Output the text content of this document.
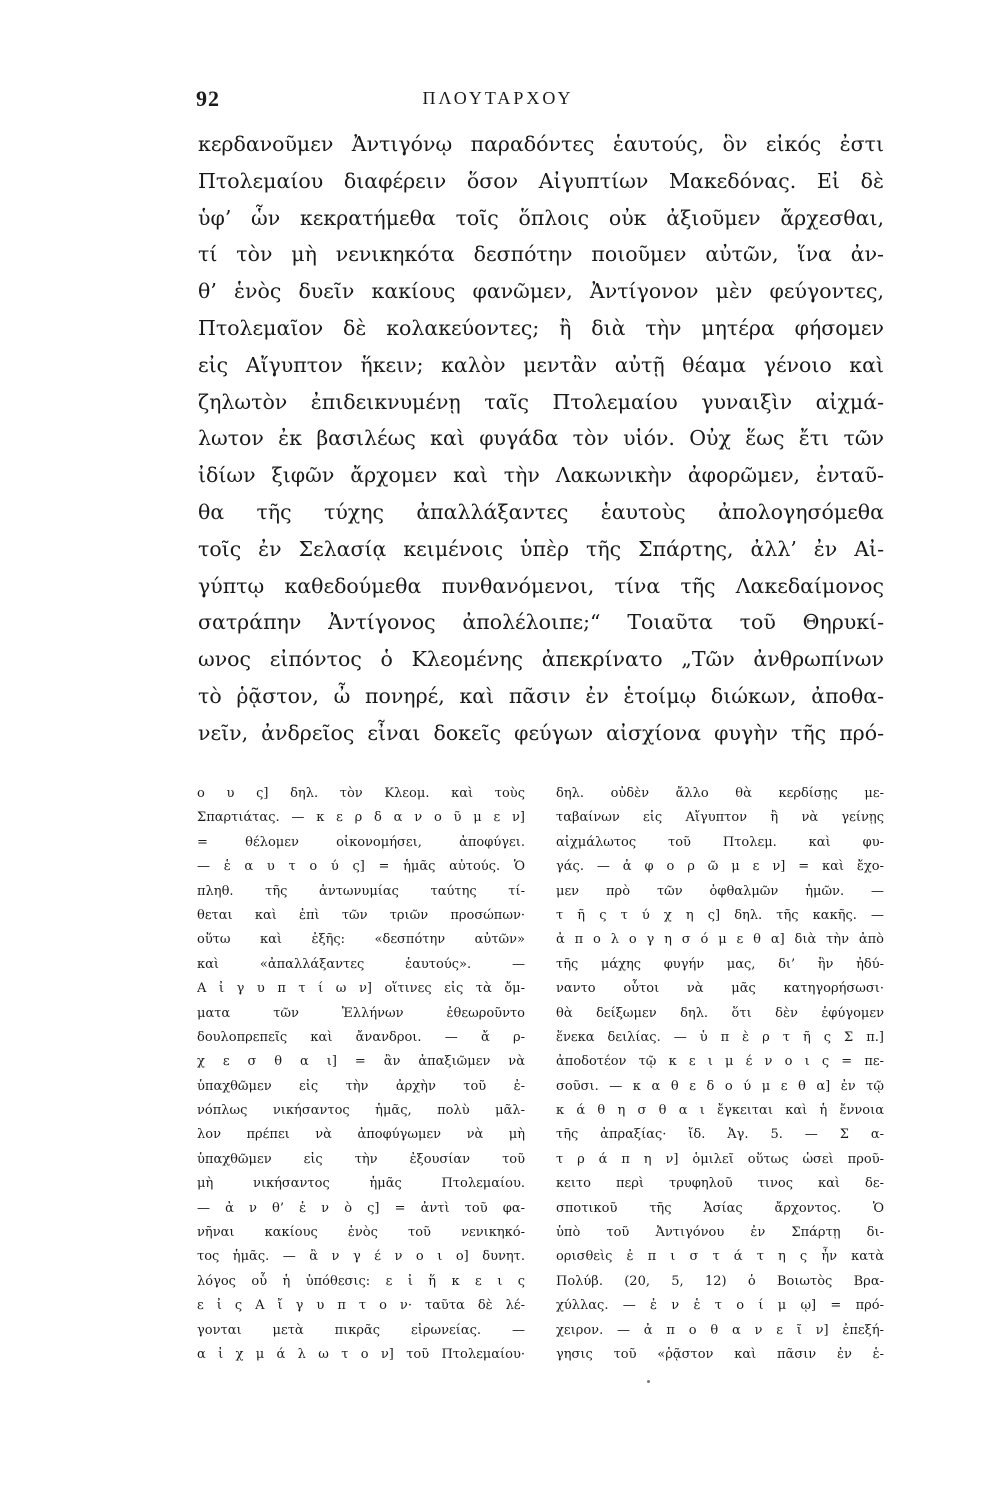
92	ΠΛΟΥΤΑΡΧΟΥ
κερδανοῦμεν Ἀντιγόνῳ παραδόντες ἑαυτούς, ὃν εἰκός ἐστι
Πτολεμαίου διαφέρειν ὅσον Αἰγυπτίων Μακεδόνας. Εἰ δὲ
ὑφ’ ὧν κεκρατήμεθα τοῖς ὅπλοις οὐκ ἀξιοῦμεν ἄρχεσθαι,
τί τὸν μὴ νενικηκότα δεσπότην ποιοῦμεν αὐτῶν, ἵνα ἀν-
θ’ ἑνὸς δυεῖν κακίους φανῶμεν, Ἀντίγονον μὲν φεύγοντες,
Πτολεμαῖον δὲ κολακεύοντες; ἢ διὰ τὴν μητέρα φήσομεν
εἰς Αἴγυπτον ἥκειν; καλὸν μεντἂν αὐτῇ θέαμα γένοιο καὶ
ζηλωτὸν ἐπιδεικνυμένῃ ταῖς Πτολεμαίου γυναιξὶν αἰχμά-
λωτον ἐκ βασιλέως καὶ φυγάδα τὸν υἱόν. Οὐχ ἕως ἔτι τῶν
ἰδίων ξιφῶν ἄρχομεν καὶ τὴν Λακωνικὴν ἀφορῶμεν, ἐνταῦ-
θα τῆς τύχης ἀπαλλάξαντες ἑαυτοὺς ἀπολογησόμεθα
τοῖς ἐν Σελασίᾳ κειμένοις ὑπὲρ τῆς Σπάρτης, ἀλλ’ ἐν Αἰ-
γύπτῳ καθεδούμεθα πυνθανόμενοι, τίνα τῆς Λακεδαίμονος
σατράπην Ἀντίγονος ἀπολέλοιπε;“ Τοιαῦτα τοῦ Θηρυκί-
ωνος εἰπόντος ὁ Κλεομένης ἀπεκρίνατο „Τῶν ἀνθρωπίνων
τὸ ῥᾷστον, ὦ πονηρέ, καὶ πᾶσιν ἐν ἑτοίμῳ διώκων, ἀποθα-
νεῖν, ἀνδρεῖος εἶναι δοκεῖς φεύγων αἰσχίονα φυγὴν τῆς πρό-
ο υ ς] δηλ. τὸν Κλεομ. καὶ τοὺς
Σπαρτιάτας. — κ ε ρ δ α ν ο ῦ μ ε ν]
= θέλομεν οἰκονομήσει, ἀποφύγει.
— ἑ α υ τ ο ύ ς] = ἡμᾶς αὐτούς. Ὁ
πληθ. τῆς ἀντωνυμίας ταύτης τί-
θεται καὶ ἐπὶ τῶν τριῶν προσώπων·
οὕτω καὶ ἐξῆς: «δεσπότην αὐτῶν»
καὶ «ἀπαλλάξαντες ἑαυτούς». —
Α ἰ γ υ π τ ί ω ν] οἵτινες εἰς τὰ ὄμ-
ματα τῶν Ἑλλήνων ἐθεωροῦντο
δουλοπρεπεῖς καὶ ἄνανδροι. — ἄ ρ-
χ ε σ θ α ι] = ἂν ἀπαξιῶμεν νὰ
ὑπαχθῶμεν εἰς τὴν ἀρχὴν τοῦ ἐ-
νόπλως νικήσαντος ἡμᾶς, πολὺ μᾶλ-
λον πρέπει νὰ ἀποφύγωμεν νὰ μὴ
ὑπαχθῶμεν εἰς τὴν ἐξουσίαν τοῦ
μὴ νικήσαντος ἡμᾶς Πτολεμαίου.
— ἀ ν θ’ ἑ ν ὸ ς] = ἀντὶ τοῦ φα-
νῆναι κακίους ἑνὸς τοῦ νενικηκό-
τος ἡμᾶς. — ἂ ν γ έ ν ο ι ο] δυνητ.
λόγος οὗ ἡ ὑπόθεσις: ε ἰ ἥ κ ε ι ς
ε ἰ ς Α ἴ γ υ π τ ο ν· ταῦτα δὲ λέ-
γονται μετὰ πικρᾶς εἰρωνείας. —
α ἰ χ μ ά λ ω τ ο ν] τοῦ Πτολεμαίου·
δηλ. οὐδὲν ἄλλο θὰ κερδίσῃς με-
ταβαίνων εἰς Αἴγυπτον ἢ νὰ γείνῃς
αἰχμάλωτος τοῦ Πτολεμ. καὶ φυ-
γάς. — ἀ φ ο ρ ῶ μ ε ν] = καὶ ἔχο-
μεν πρὸ τῶν ὀφθαλμῶν ἡμῶν. —
τ ῆ ς τ ύ χ η ς] δηλ. τῆς κακῆς. —
ἀ π ο λ ο γ η σ ό μ ε θ α] διὰ τὴν ἀπὸ
τῆς μάχης φυγήν μας, δι’ ἣν ἠδύ-
ναντο οὗτοι νὰ μᾶς κατηγορήσωσι·
θὰ δείξωμεν δηλ. ὅτι δὲν ἐφύγομεν
ἕνεκα δειλίας. — ὑ π ὲ ρ τ ῆ ς Σ π.]
ἀποδοτέον τῷ κ ε ι μ έ ν ο ι ς = πε-
σοῦσι. — κ α θ ε δ ο ύ μ ε θ α] ἐν τῷ
κ ά θ η σ θ α ι ἔγκειται καὶ ἡ ἔννοια
τῆς ἀπραξίας· ἴδ. Ἀγ. 5. — Σ α-
τ ρ ά π η ν] ὁμιλεῖ οὕτως ὡσεὶ προῦ-
κειτο περὶ τρυφηλοῦ τινος καὶ δε-
σποτικοῦ τῆς Ἀσίας ἄρχοντος. Ὁ
ὑπὸ τοῦ Ἀντιγόνου ἐν Σπάρτῃ δι-
ορισθεὶς ἐ π ι σ τ ά τ η ς ἦν κατὰ
Πολύβ. (20, 5, 12) ὁ Βοιωτὸς Βρα-
χύλλας. — ἐ ν ἑ τ ο ί μ ῳ] = πρό-
χειρον. — ἀ π ο θ α ν ε ῖ ν] ἐπεξή-
γησις τοῦ «ῥᾷστον καὶ πᾶσιν ἐν ἑ-
